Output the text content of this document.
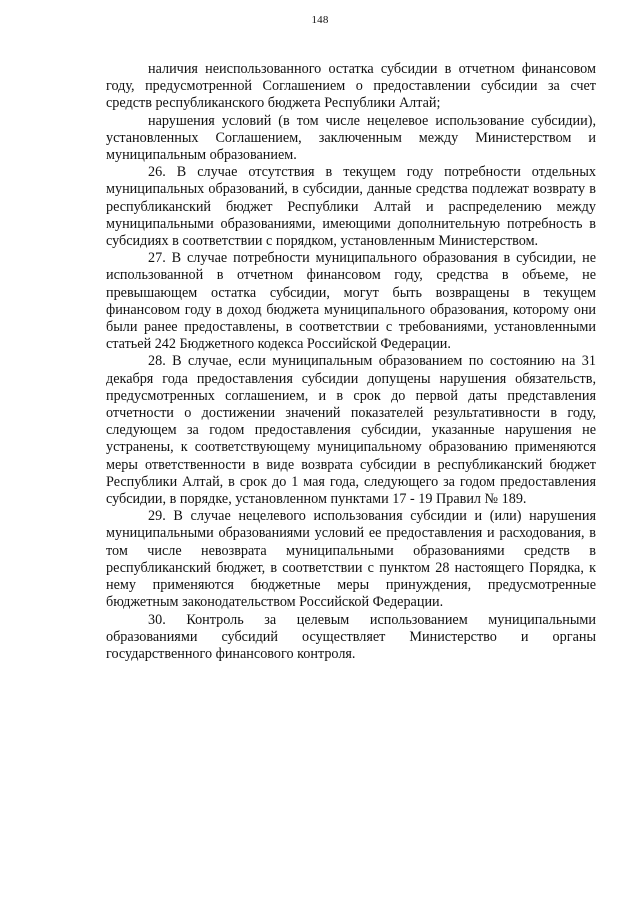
148

наличия неиспользованного остатка субсидии в отчетном финансовом году, предусмотренной Соглашением о предоставлении субсидии за счет средств республиканского бюджета Республики Алтай;

нарушения условий (в том числе нецелевое использование субсидии), установленных Соглашением, заключенным между Министерством и муниципальным образованием.

26. В случае отсутствия в текущем году потребности отдельных муниципальных образований, в субсидии, данные средства подлежат возврату в республиканский бюджет Республики Алтай и распределению между муниципальными образованиями, имеющими дополнительную потребность в субсидиях в соответствии с порядком, установленным Министерством.

27. В случае потребности муниципального образования в субсидии, не использованной в отчетном финансовом году, средства в объеме, не превышающем остатка субсидии, могут быть возвращены в текущем финансовом году в доход бюджета муниципального образования, которому они были ранее предоставлены, в соответствии с требованиями, установленными статьей 242 Бюджетного кодекса Российской Федерации.

28. В случае, если муниципальным образованием по состоянию на 31 декабря года предоставления субсидии допущены нарушения обязательств, предусмотренных соглашением, и в срок до первой даты представления отчетности о достижении значений показателей результативности в году, следующем за годом предоставления субсидии, указанные нарушения не устранены, к соответствующему муниципальному образованию применяются меры ответственности в виде возврата субсидии в республиканский бюджет Республики Алтай, в срок до 1 мая года, следующего за годом предоставления субсидии, в порядке, установленном пунктами 17 - 19 Правил № 189.

29. В случае нецелевого использования субсидии и (или) нарушения муниципальными образованиями условий ее предоставления и расходования, в том числе невозврата муниципальными образованиями средств в республиканский бюджет, в соответствии с пунктом 28 настоящего Порядка, к нему применяются бюджетные меры принуждения, предусмотренные бюджетным законодательством Российской Федерации.

30. Контроль за целевым использованием муниципальными образованиями субсидий осуществляет Министерство и органы государственного финансового контроля.
